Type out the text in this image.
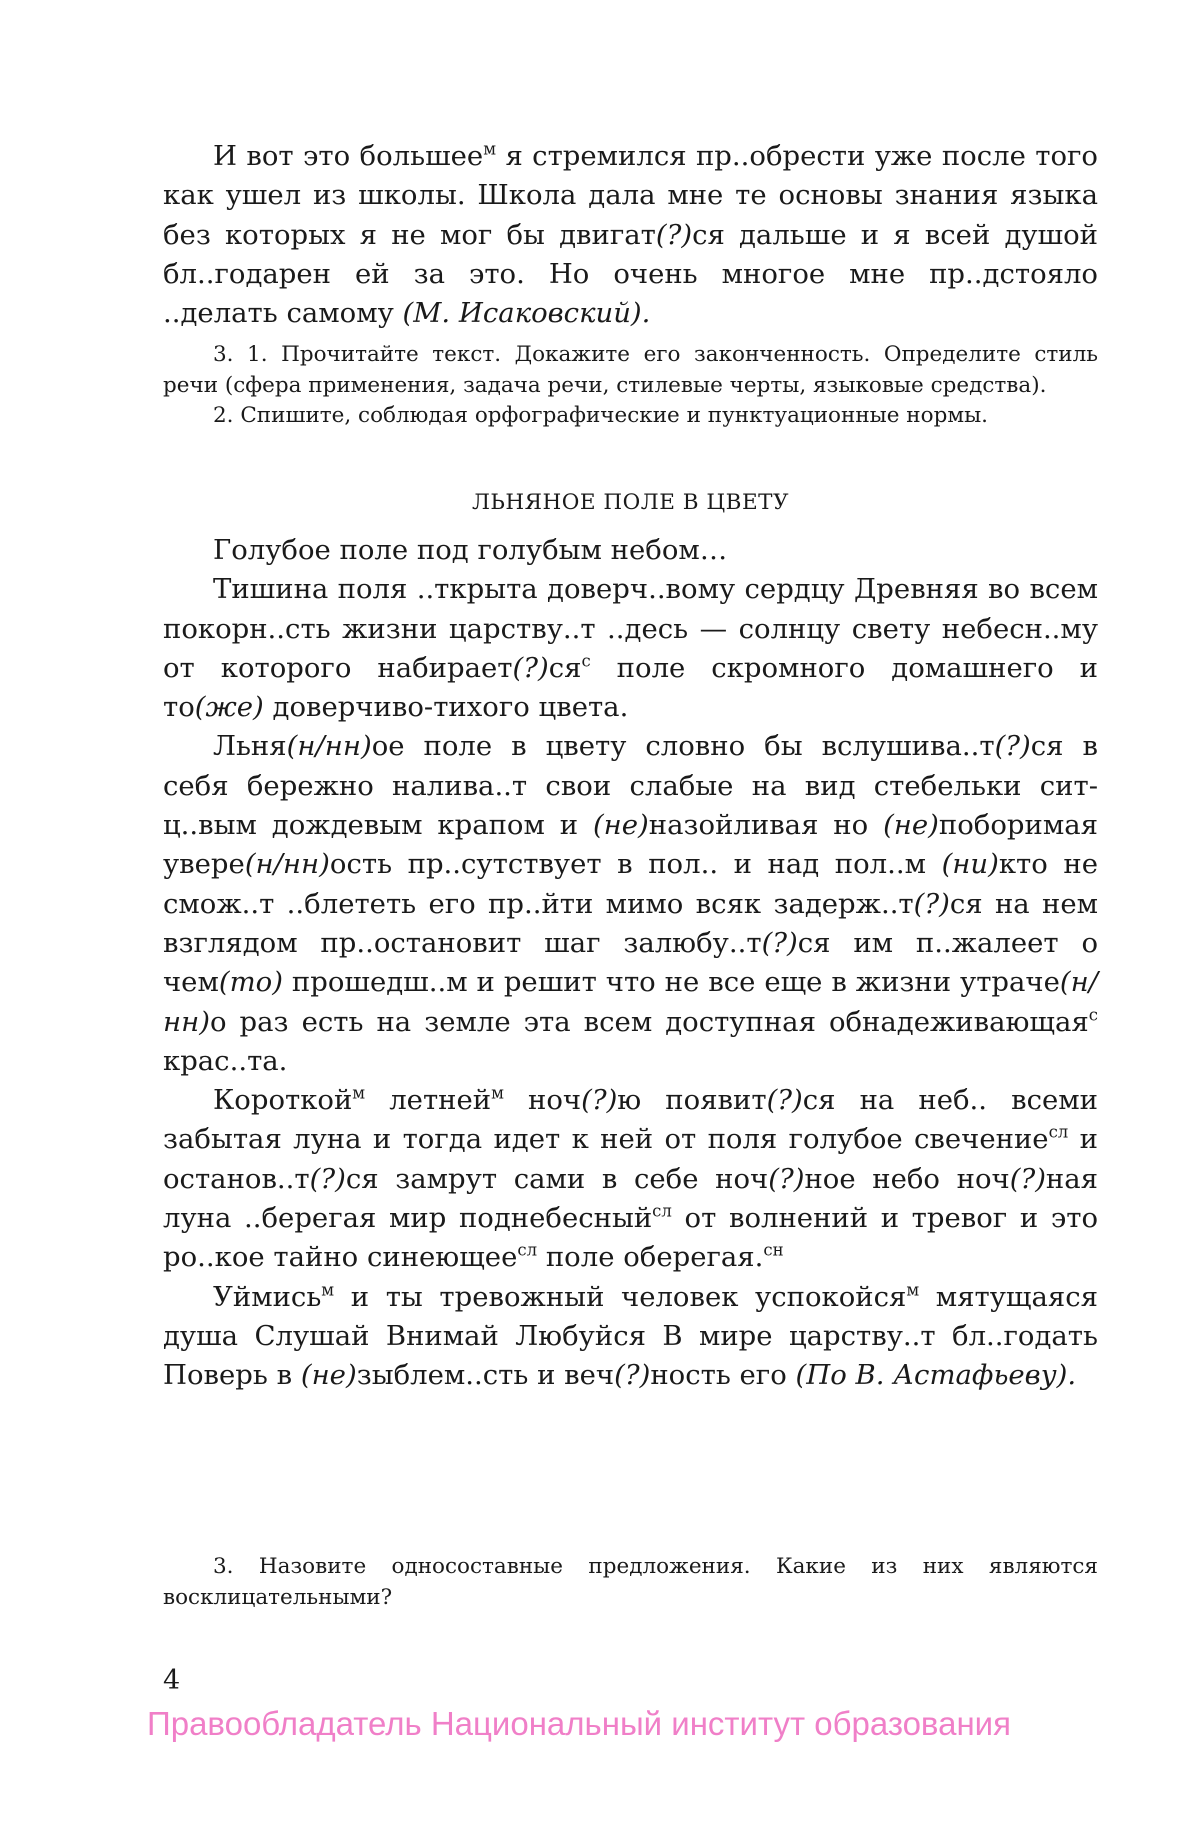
И вот это большее$^м$ я стремился пр..обрести уже после того как ушел из школы. Школа дала мне те основы знания языка без которых я не мог бы двигат(?)ся дальше и я всей душой бл..годарен ей за это. Но очень многое мне пр..дстояло ..делать самому (М. Исаковский).

3. 1. Прочитайте текст. Докажите его законченность. Определите стиль речи (сфера применения, задача речи, стилевые черты, языковые средства).

2. Спишите, соблюдая орфографические и пунктуационные нормы.

ЛЬНЯНОЕ ПОЛЕ В ЦВЕТУ

Голубое поле под голубым небом…

Тишина поля ..ткрыта доверч..вому сердцу Древняя во всем покорн..сть жизни царству..т ..десь — солнцу свету небесн..му от которого $набирает(?)ся^с$ поле скромного домашнего и то(же) доверчиво-тихого цвета.

Льня(н/нн)ое поле в цвету словно бы вслушива..т(?)ся в себя бережно налива..т свои слабые на вид стебельки ситц..вым дождевым крапом и (не)назойливая но (не)поборимая увере(н/нн)ость пр..сутствует в пол.. и над пол..м (ни)кто не смож..т ..блететь его пр..йти мимо всяк задерж..т(?)ся на нем взглядом пр..остановит шаг залюбу..т(?)ся им п..жалеет о чем(то) прошедш..м и решит что не все еще в жизни утраче(н/нн)о раз есть на земле эта всем доступная обнадеживающая$^с$ крас..та.

Короткой$^м$ летней$^м$ ноч(?)ю появит(?)ся на неб.. всеми забытая луна и тогда идет к ней от поля голубое свечение$^{сл}$ и останов..т(?)ся замрут сами в себе ноч(?)ное небо ноч(?)ная луна ..берегая мир поднебесный$^{сл}$ от волнений и тревог и это ро..кое тайно синеющее$^{сл}$ поле оберегая.$^{сн}$

Уймись$^м$ и ты тревожный человек успокойся$^м$ мятущаяся душа Слушай Внимай Любуйся В мире царству..т бл..годать Поверь в (не)зыблем..сть и веч(?)ность его (По В. Астафьеву).

3. Назовите односоставные предложения. Какие из них являются восклицательными?

4
Правообладатель Национальный институт образования
